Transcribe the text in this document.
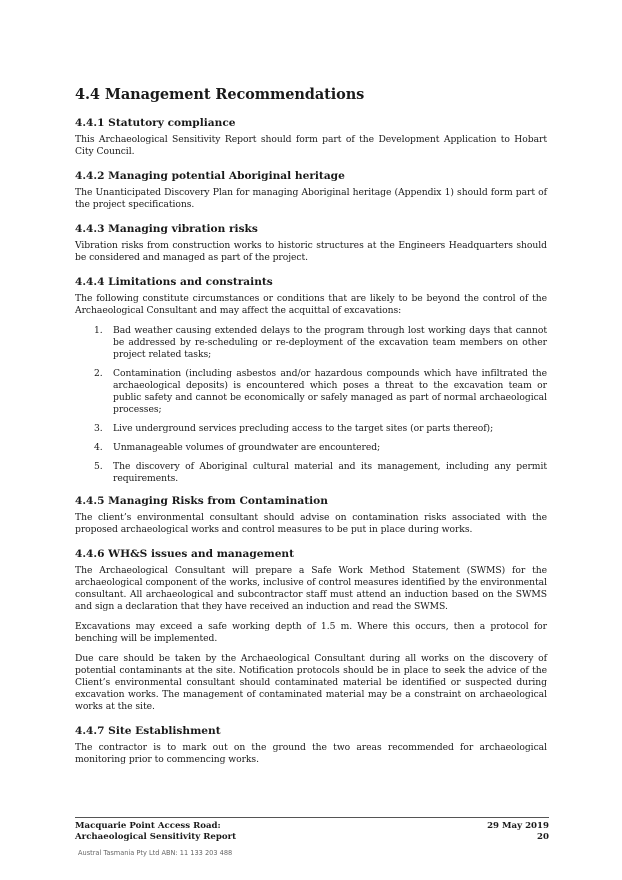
4.4 Management Recommendations
4.4.1 Statutory compliance

This Archaeological Sensitivity Report should form part of the Development Application to Hobart City Council.

4.4.2 Managing potential Aboriginal heritage

The Unanticipated Discovery Plan for managing Aboriginal heritage (Appendix 1) should form part of the project specifications.

4.4.3 Managing vibration risks

Vibration risks from construction works to historic structures at the Engineers Headquarters should be considered and managed as part of the project.

4.4.4 Limitations and constraints

The following constitute circumstances or conditions that are likely to be beyond the control of the Archaeological Consultant and may affect the acquittal of excavations:

1. Bad weather causing extended delays to the program through lost working days that cannot be addressed by re-scheduling or re-deployment of the excavation team members on other project related tasks;
2. Contamination (including asbestos and/or hazardous compounds which have infiltrated the archaeological deposits) is encountered which poses a threat to the excavation team or public safety and cannot be economically or safely managed as part of normal archaeological processes;
3. Live underground services precluding access to the target sites (or parts thereof);
4. Unmanageable volumes of groundwater are encountered;
5. The discovery of Aboriginal cultural material and its management, including any permit requirements.
4.4.5 Managing Risks from Contamination

The client’s environmental consultant should advise on contamination risks associated with the proposed archaeological works and control measures to be put in place during works.

4.4.6 WH&S issues and management

The Archaeological Consultant will prepare a Safe Work Method Statement (SWMS) for the archaeological component of the works, inclusive of control measures identified by the environmental consultant. All archaeological and subcontractor staff must attend an induction based on the SWMS and sign a declaration that they have received an induction and read the SWMS.

Excavations may exceed a safe working depth of 1.5 m. Where this occurs, then a protocol for benching will be implemented.

Due care should be taken by the Archaeological Consultant during all works on the discovery of potential contaminants at the site. Notification protocols should be in place to seek the advice of the Client’s environmental consultant should contaminated material be identified or suspected during excavation works. The management of contaminated material may be a constraint on archaeological works at the site.

4.4.7 Site Establishment

The contractor is to mark out on the ground the two areas recommended for archaeological monitoring prior to commencing works.

Macquarie Point Access Road:	29 May 2019
Archaeological Sensitivity Report	20
Austral Tasmania Pty Ltd ABN: 11 133 203 488
